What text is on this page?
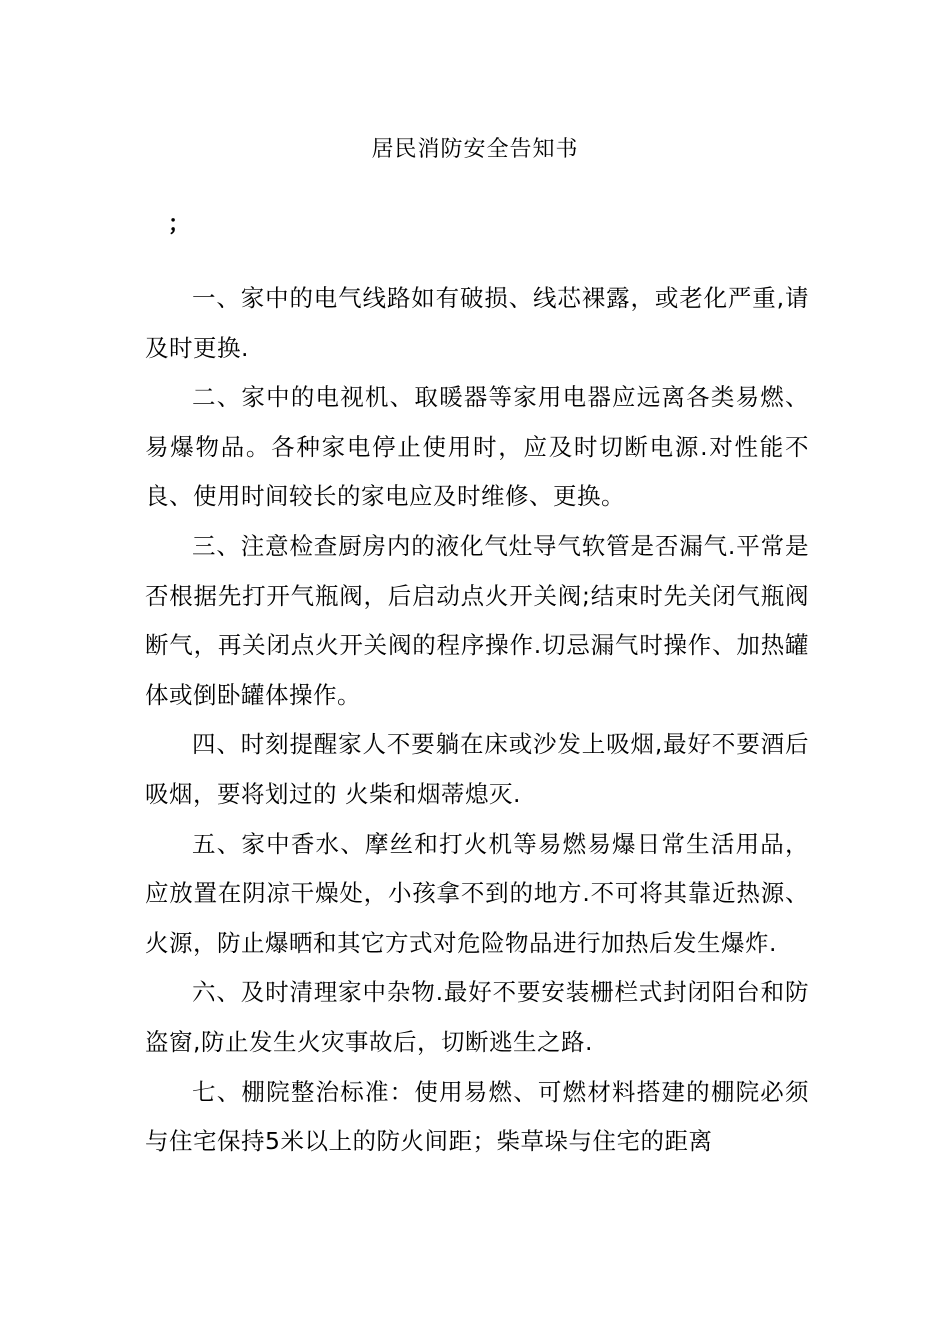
居民消防安全告知书
；

一、家中的电气线路如有破损、线芯裸露，或老化严重,请及时更换.

二、家中的电视机、取暖器等家用电器应远离各类易燃、易爆物品。各种家电停止使用时，应及时切断电源.对性能不良、使用时间较长的家电应及时维修、更换。

三、注意检查厨房内的液化气灶导气软管是否漏气.平常是否根据先打开气瓶阀，后启动点火开关阀;结束时先关闭气瓶阀断气，再关闭点火开关阀的程序操作.切忌漏气时操作、加热罐体或倒卧罐体操作。

四、时刻提醒家人不要躺在床或沙发上吸烟,最好不要酒后吸烟，要将划过的 火柴和烟蒂熄灭.

五、家中香水、摩丝和打火机等易燃易爆日常生活用品，应放置在阴凉干燥处，小孩拿不到的地方.不可将其靠近热源、火源，防止爆晒和其它方式对危险物品进行加热后发生爆炸.

六、及时清理家中杂物.最好不要安装栅栏式封闭阳台和防盗窗,防止发生火灾事故后，切断逃生之路.

七、棚院整治标准：使用易燃、可燃材料搭建的棚院必须与住宅保持5米以上的防火间距；柴草垛与住宅的距离
